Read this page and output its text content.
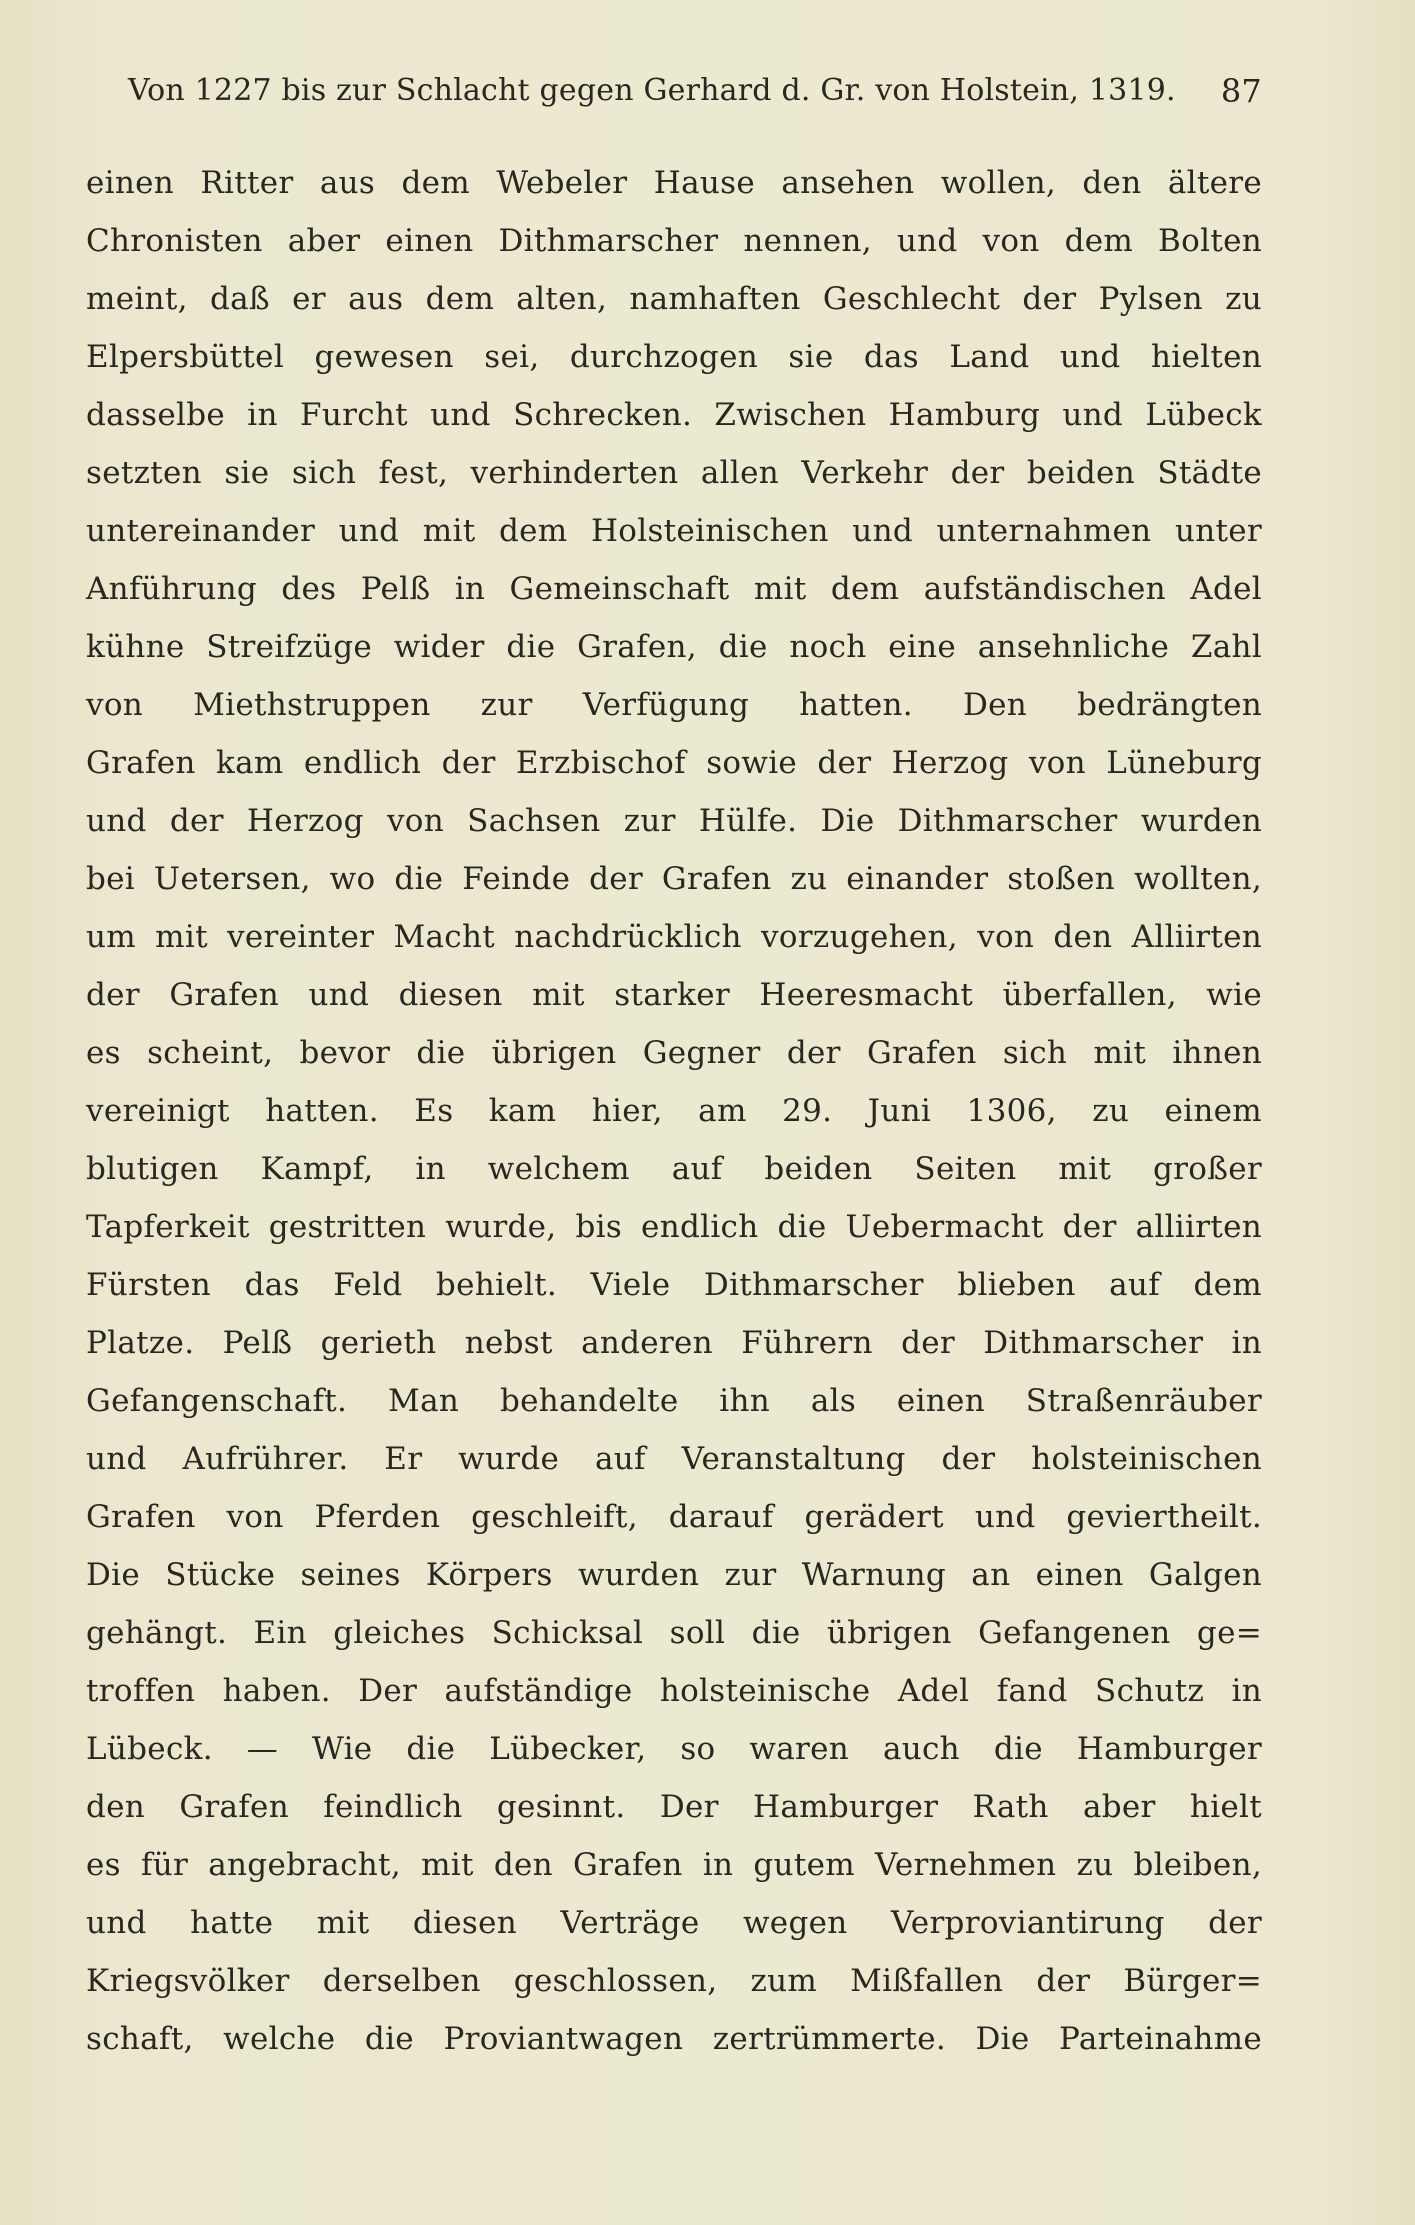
Von 1227 bis zur Schlacht gegen Gerhard d. Gr. von Holstein, 1319. 87
einen Ritter aus dem Webeler Hause ansehen wollen, den ältere
Chronisten aber einen Dithmarscher nennen, und von dem Bolten
meint, daß er aus dem alten, namhaften Geschlecht der Pylsen zu
Elpersbüttel gewesen sei, durchzogen sie das Land und hielten
dasselbe in Furcht und Schrecken. Zwischen Hamburg und Lübeck
setzten sie sich fest, verhinderten allen Verkehr der beiden Städte
untereinander und mit dem Holsteinischen und unternahmen unter
Anführung des Pelß in Gemeinschaft mit dem aufständischen Adel
kühne Streifzüge wider die Grafen, die noch eine ansehnliche Zahl
von Miethstruppen zur Verfügung hatten. Den bedrängten
Grafen kam endlich der Erzbischof sowie der Herzog von Lüneburg
und der Herzog von Sachsen zur Hülfe. Die Dithmarscher wurden
bei Uetersen, wo die Feinde der Grafen zu einander stoßen wollten,
um mit vereinter Macht nachdrücklich vorzugehen, von den Alliirten
der Grafen und diesen mit starker Heeresmacht überfallen, wie
es scheint, bevor die übrigen Gegner der Grafen sich mit ihnen
vereinigt hatten. Es kam hier, am 29. Juni 1306, zu einem
blutigen Kampf, in welchem auf beiden Seiten mit großer
Tapferkeit gestritten wurde, bis endlich die Uebermacht der alliirten
Fürsten das Feld behielt. Viele Dithmarscher blieben auf dem
Platze. Pelß gerieth nebst anderen Führern der Dithmarscher in
Gefangenschaft. Man behandelte ihn als einen Straßenräuber
und Aufrührer. Er wurde auf Veranstaltung der holsteinischen
Grafen von Pferden geschleift, darauf gerädert und geviertheilt.
Die Stücke seines Körpers wurden zur Warnung an einen Galgen
gehängt. Ein gleiches Schicksal soll die übrigen Gefangenen ge=
troffen haben. Der aufständige holsteinische Adel fand Schutz in
Lübeck. — Wie die Lübecker, so waren auch die Hamburger
den Grafen feindlich gesinnt. Der Hamburger Rath aber hielt
es für angebracht, mit den Grafen in gutem Vernehmen zu bleiben,
und hatte mit diesen Verträge wegen Verproviantirung der
Kriegsvölker derselben geschlossen, zum Mißfallen der Bürger=
schaft, welche die Proviantwagen zertrümmerte. Die Parteinahme
